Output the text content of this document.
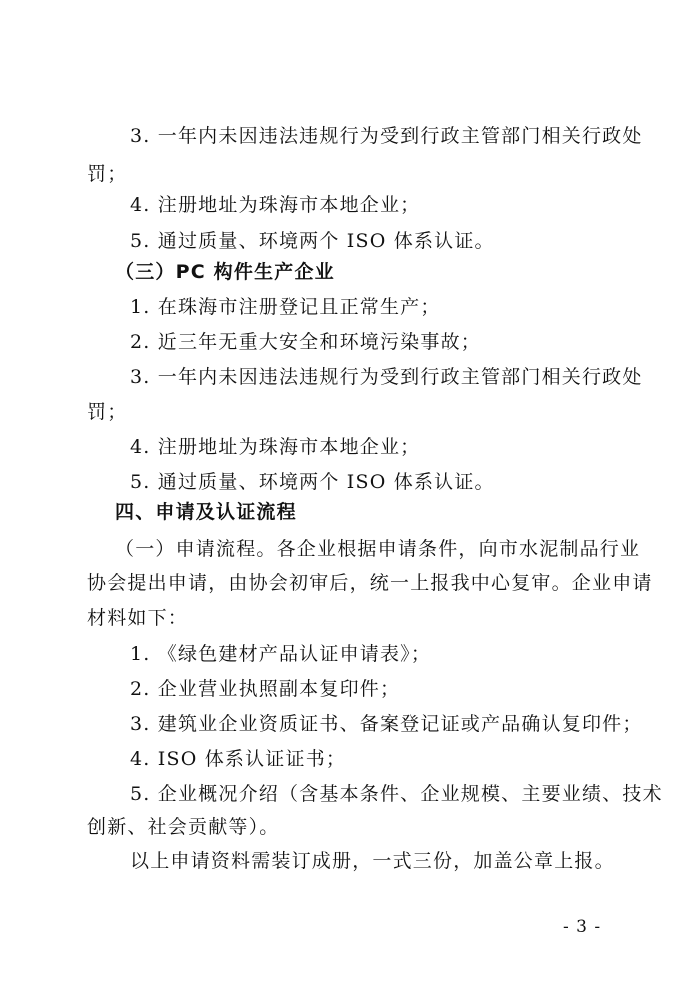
3. 一年内未因违法违规行为受到行政主管部门相关行政处
罚；
4. 注册地址为珠海市本地企业；
5. 通过质量、环境两个 ISO 体系认证。
（三）PC 构件生产企业
1. 在珠海市注册登记且正常生产；
2. 近三年无重大安全和环境污染事故；
3. 一年内未因违法违规行为受到行政主管部门相关行政处
罚；
4. 注册地址为珠海市本地企业；
5. 通过质量、环境两个 ISO 体系认证。
四、申请及认证流程
（一）申请流程。各企业根据申请条件，向市水泥制品行业
协会提出申请，由协会初审后，统一上报我中心复审。企业申请
材料如下：
1. 《绿色建材产品认证申请表》；
2. 企业营业执照副本复印件；
3. 建筑业企业资质证书、备案登记证或产品确认复印件；
4. ISO 体系认证证书；
5. 企业概况介绍（含基本条件、企业规模、主要业绩、技术
创新、社会贡献等）。
以上申请资料需装订成册，一式三份，加盖公章上报。
- 3 -
